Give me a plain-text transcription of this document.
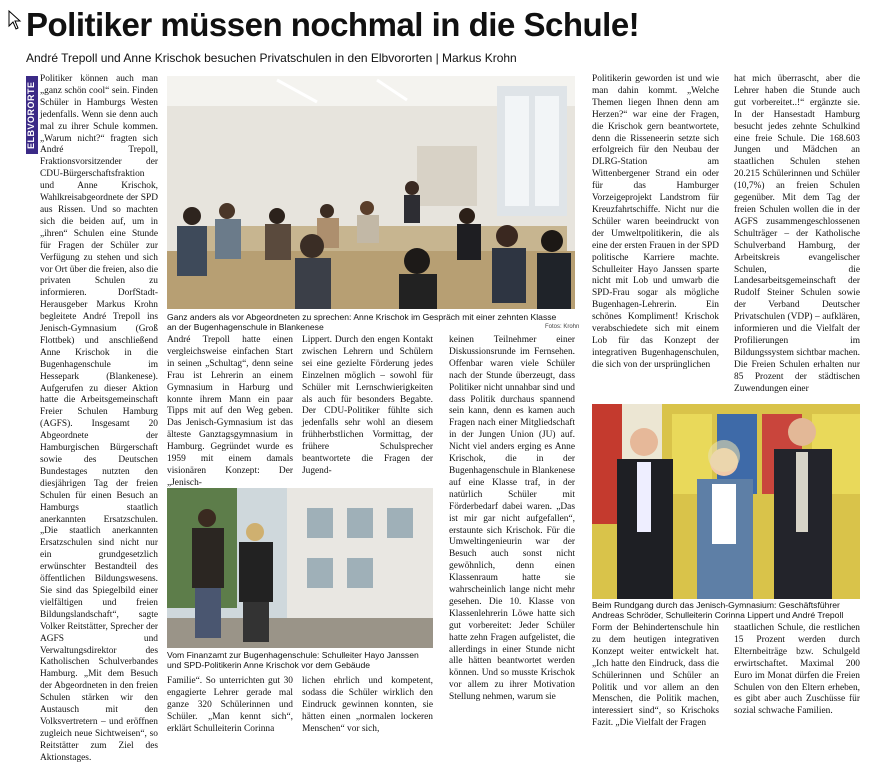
Politiker müssen nochmal in die Schule!
André Trepoll und Anne Krischok besuchen Privatschulen in den Elbvororten | Markus Krohn
ELBVORORTE

Politiker können auch man „ganz schön cool“ sein. Finden Schüler in Hamburgs Westen jedenfalls. Wenn sie denn auch mal zu ihrer Schule kommen. „Warum nicht?“ fragten sich André Trepoll, Fraktionsvorsitzender der CDU-Bürgerschaftsfraktion und Anne Krischok, Wahlkreisabgeordnete der SPD aus Rissen. Und so machten sich die beiden auf, um in „ihren“ Schulen eine Stunde für Fragen der Schüler zur Verfügung zu stehen und sich vor Ort über die freien, also die privaten Schulen zu informieren. DorfStadt-Herausgeber Markus Krohn begleitete André Trepoll ins Jenisch-Gymnasium (Groß Flottbek) und anschließend Anne Krischok in die Bugenhagenschule im Hessepark (Blankenese). Aufgerufen zu dieser Aktion hatte die Arbeitsgemeinschaft Freier Schulen Hamburg (AGFS). Insgesamt 20 Abgeordnete der Hamburgischen Bürgerschaft sowie des Deutschen Bundestages nutzten den diesjährigen Tag der freien Schulen für einen Besuch an Hamburgs staatlich anerkannten Ersatzschulen. „Die staatlich anerkannten Ersatzschulen sind nicht nur ein grundgesetzlich erwünschter Bestandteil des öffentlichen Bildungswesens. Sie sind das Spiegelbild einer vielfältigen und freien Bildungslandschaft“, sagte Volker Reitstätter, Sprecher der AGFS und Verwaltungsdirektor des Katholischen Schulverbandes Hamburg. „Mit dem Besuch der Abgeordneten in den freien Schulen stärken wir den Austausch mit den Volksvertretern – und eröffnen zugleich neue Sichtweisen“, so Reitstätter zum Ziel des Aktionstages.

Ganz anders als vor Abgeordneten zu sprechen: Anne Krischok im Gespräch mit einer zehnten Klasse an der Bugenhagenschule in Blankenese	Fotos: Krohn

André Trepoll hatte einen vergleichsweise einfachen Start in seinen „Schultag“, denn seine Frau ist Lehrerin an einem Gymnasium in Harburg und konnte ihrem Mann ein paar Tipps mit auf den Weg geben. Das Jenisch-Gymnasium ist das älteste Ganztagsgymnasium in Hamburg. Gegründet wurde es 1959 mit einem damals visionären Konzept: Der „Jenisch-

Lippert. Durch den engen Kontakt zwischen Lehrern und Schülern sei eine gezielte Förderung jedes Einzelnen möglich – sowohl für Schüler mit Lernschwierigkeiten als auch für besonders Begabte. Der CDU-Politiker fühlte sich jedenfalls sehr wohl an diesem frühherbstlichen Vormittag, der frühere Schulsprecher beantwortete die Fragen der Jugend-

Vom Finanzamt zur Bugenhagenschule: Schulleiter Hayo Janssen und SPD-Politikerin Anne Krischok vor dem Gebäude

Familie“. So unterrichten gut 30 engagierte Lehrer gerade mal ganze 320 Schülerinnen und Schüler. „Man kennt sich“, erklärt Schulleiterin Corinna

lichen ehrlich und kompetent, sodass die Schüler wirklich den Eindruck gewinnen konnten, sie hätten einen „normalen lockeren Menschen“ vor sich,

keinen Teilnehmer einer Diskussionsrunde im Fernsehen. Offenbar waren viele Schüler nach der Stunde überzeugt, dass Politiker nicht unnahbar sind und dass Politik durchaus spannend sein kann, denn es kamen auch Fragen nach einer Mitgliedschaft in der Jungen Union (JU) auf. Nicht viel anders erging es Anne Krischok, die in der Bugenhagenschule in Blankenese auf eine Klasse traf, in der natürlich Schüler mit Förderbedarf dabei waren. „Das ist mir gar nicht aufgefallen“, erstaunte sich Krischok. Für die Umweltingenieurin war der Besuch auch sonst nicht gewöhnlich, denn einen Klassenraum hatte sie wahrscheinlich lange nicht mehr gesehen. Die 10. Klasse von Klassenlehrerin Löwe hatte sich gut vorbereitet: Jeder Schüler hatte zehn Fragen aufgelistet, die allerdings in einer Stunde nicht alle hätten beantwortet werden können. Und so musste Krischok vor allem zu ihrer Motivation Stellung nehmen, warum sie

Politikerin geworden ist und wie man dahin kommt. „Welche Themen liegen Ihnen denn am Herzen?“ war eine der Fragen, die Krischok gern beantwortete, denn die Risseneerin setzte sich erfolgreich für den Neubau der DLRG-Station am Wittenbergener Strand ein oder für das Hamburger Vorzeigeprojekt Landstrom für Kreuzfahrtschiffe. Nicht nur die Schüler waren beeindruckt von der Umweltpolitikerin, die als eine der ersten Frauen in der SPD politische Karriere machte. Schulleiter Hayo Janssen sparte nicht mit Lob und umwarb die SPD-Frau sogar als mögliche Bugenhagen-Lehrerin. Ein schönes Kompliment! Krischok verabschiedete sich mit einem Lob für das Konzept der integrativen Bugenhagenschulen, die sich von der ursprünglichen

hat mich überrascht, aber die Lehrer haben die Stunde auch gut vorbereitet..!“ ergänzte sie. In der Hansestadt Hamburg besucht jedes zehnte Schulkind eine freie Schule. Die 168.603 Jungen und Mädchen an staatlichen Schulen stehen 20.215 Schülerinnen und Schüler (10,7%) an freien Schulen gegenüber. Mit dem Tag der freien Schulen wollen die in der AGFS zusammengeschlossenen Schulträger – der Katholische Schulverband Hamburg, der Arbeitskreis evangelischer Schulen, die Landesarbeitsgemeinschaft der Rudolf Steiner Schulen sowie der Verband Deutscher Privatschulen (VDP) – aufklären, informieren und die Vielfalt der Profilierungen im Bildungssystem sichtbar machen. Die Freien Schulen erhalten nur 85 Prozent der städtischen Zuwendungen einer

Beim Rundgang durch das Jenisch-Gymnasium: Geschäftsführer Andreas Schröder, Schulleiterin Corinna Lippert und André Trepoll

Form der Behindertenschule hin zu dem heutigen integrativen Konzept weiter entwickelt hat. „Ich hatte den Eindruck, dass die Schülerinnen und Schüler an Politik und vor allem an den Menschen, die Politik machen, interessiert sind“, so Krischoks Fazit. „Die Vielfalt der Fragen

staatlichen Schule, die restlichen 15 Prozent werden durch Elternbeiträge bzw. Schulgeld erwirtschaftet. Maximal 200 Euro im Monat dürfen die Freien Schulen von den Eltern erheben, es gibt aber auch Zuschüsse für sozial schwache Familien.
